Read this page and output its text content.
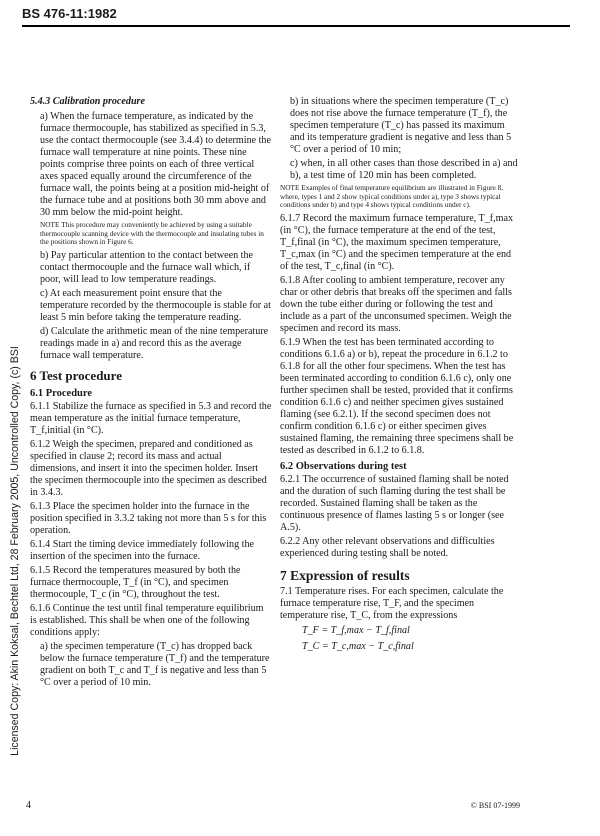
BS 476-11:1982
Licensed Copy: Akin Koksal, Bechtel Ltd, 28 February 2005, Uncontrolled Copy, (c) BSI
5.4.3 Calibration procedure
a) When the furnace temperature, as indicated by the furnace thermocouple, has stabilized as specified in 5.3, use the contact thermocouple (see 3.4.4) to determine the furnace wall temperature at nine points. These nine points comprise three points on each of three vertical axes spaced equally around the circumference of the furnace wall, the points being at a position mid-height of the furnace tube and at positions both 30 mm above and 30 mm below the mid-point height.
NOTE This procedure may conveniently be achieved by using a suitable thermocouple scanning device with the thermocouple and insulating tubes in the positions shown in Figure 6.
b) Pay particular attention to the contact between the contact thermocouple and the furnace wall which, if poor, will lead to low temperature readings.
c) At each measurement point ensure that the temperature recorded by the thermocouple is stable for at least 5 min before taking the temperature reading.
d) Calculate the arithmetic mean of the nine temperature readings made in a) and record this as the average furnace wall temperature.
6 Test procedure
6.1 Procedure
6.1.1 Stabilize the furnace as specified in 5.3 and record the mean temperature as the initial furnace temperature, T_f,initial (in °C).
6.1.2 Weigh the specimen, prepared and conditioned as specified in clause 2; record its mass and actual dimensions, and insert it into the specimen holder. Insert the specimen thermocouple into the specimen as described in 3.4.3.
6.1.3 Place the specimen holder into the furnace in the position specified in 3.3.2 taking not more than 5 s for this operation.
6.1.4 Start the timing device immediately following the insertion of the specimen into the furnace.
6.1.5 Record the temperatures measured by both the furnace thermocouple, T_f (in °C), and specimen thermocouple, T_c (in °C), throughout the test.
6.1.6 Continue the test until final temperature equilibrium is established. This shall be when one of the following conditions apply:
a) the specimen temperature (T_c) has dropped back below the furnace temperature (T_f) and the temperature gradient on both T_c and T_f is negative and less than 5 °C over a period of 10 min.
b) in situations where the specimen temperature (T_c) does not rise above the furnace temperature (T_f), the specimen temperature (T_c) has passed its maximum and its temperature gradient is negative and less than 5 °C over a period of 10 min;
c) when, in all other cases than those described in a) and b), a test time of 120 min has been completed.
NOTE Examples of final temperature equilibrium are illustrated in Figure 8, where, types 1 and 2 show typical conditions under a), type 3 shows typical conditions under b) and type 4 shows typical conditions under c).
6.1.7 Record the maximum furnace temperature, T_f,max (in °C), the furnace temperature at the end of the test, T_f,final (in °C), the maximum specimen temperature, T_c,max (in °C) and the specimen temperature at the end of the test, T_c,final (in °C).
6.1.8 After cooling to ambient temperature, recover any char or other debris that breaks off the specimen and falls down the tube either during or following the test and include as a part of the unconsumed specimen. Weigh the specimen and record its mass.
6.1.9 When the test has been terminated according to conditions 6.1.6 a) or b), repeat the procedure in 6.1.2 to 6.1.8 for all the other four specimens. When the test has been terminated according to condition 6.1.6 c), only one further specimen shall be tested, provided that it confirms condition 6.1.6 c) and neither specimen gives sustained flaming (see 6.2.1). If the second specimen does not confirm condition 6.1.6 c) or either specimen gives sustained flaming, the remaining three specimens shall be tested as described in 6.1.2 to 6.1.8.
6.2 Observations during test
6.2.1 The occurrence of sustained flaming shall be noted and the duration of such flaming during the test shall be recorded. Sustained flaming shall be taken as the continuous presence of flames lasting 5 s or longer (see A.5).
6.2.2 Any other relevant observations and difficulties experienced during testing shall be noted.
7 Expression of results
7.1 Temperature rises. For each specimen, calculate the furnace temperature rise, T_F, and the specimen temperature rise, T_C, from the expressions
T_F = T_f,max − T_f,final
T_C = T_c,max − T_c,final
4	© BSI 07-1999
